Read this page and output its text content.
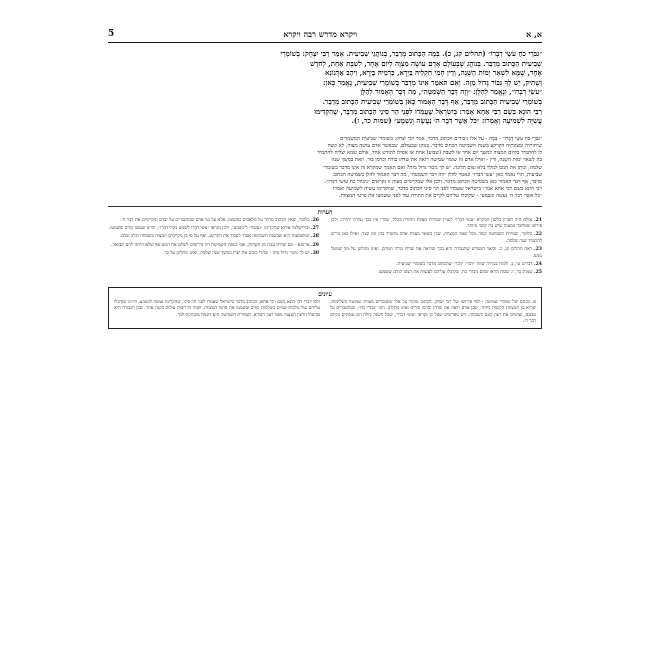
א, א
ויקרא מדרש רבה ויקרא
5
״גִּבֹּרֵי כֹחַ עֹשֵׂי דְבָרוֹ״ (תהלים קג, כ). בְּמָה הַכָּתוּב מְדַבֵּר, בְּנוֹהֲגֵי שְׁבִיעִית. אָמַר רַבִּי יִצְחָק: בְּשׁוֹמְרֵי
שְׁבִיעִית הַכָּתוּב מְדַבֵּר. בְּנוֹהֲג שֶׁבָּעוֹלָם אָדָם עוֹשֶׂה מִצְוָה לְיוֹם אֶחָד, לְשַׁבָּת אַחַת, לְחֹדֶשׁ
אֶחָד, שֶׁמָּא לִשְׁאָר יְמוֹת הַשָּׁנָה, וְדֵין חָמֵי חַקְלֵיהּ בַּיְרָא, כַּרְמֵיהּ בַּיְרָא, וִיהַב אַרְנוֹנָא
וְשָׁתִיק, יֵשׁ לְךָ גִּבּוֹר גָּדוֹל מִזֶּה. וְאִם תֹּאמַר אֵינוֹ מְדַבֵּר בְּשׁוֹמְרֵי שְׁבִיעִית, נֶאֱמַר כָּאן:
״עֹשֵׂי דְבָרוֹ״, וְנֶאֱמַר לְהַלָּן: ״וְזֶה דְּבַר הַשְּׁמִטָּה״, מַה דָּבָר הָאָמוּר לְהַלָּן
בְּשׁוֹמְרֵי שְׁבִיעִית הַכָּתוּב מְדַבֵּר, אַף דָּבָר הָאָמוּר כָּאן בְּשׁוֹמְרֵי שְׁבִיעִית הַכָּתוּב מְדַבֵּר.
רַבִּי הוּנָא בְּשֵׁם רַבִּי אַחָא אָמַר: בְּיִשְׂרָאֵל שֶׁעָמְדוּ לִפְנֵי הַר סִינַי הַכָּתוּב מְדַבֵּר, שֶׁהִקְדִּימוּ
עֲשִׂיָּה לִשְׁמִיעָה וְאָמְרוּ: ״כֹּל אֲשֶׁר דִּבֶּר ה׳ נַעֲשֶׂה וְנִשְׁמָע״ (שמות כד, ז).
״גִּבֹּרֵי כֹחַ עֹשֵׂי דְבָרוֹ״ - בְּמָה - על אלו גיבורים הכתוב מדבר, אמר רבי יצחק: בשומרי שביעית המשמרים
שיתותיה ומצוותיה הקרקע בשנת השמיטה הכתוב מדבר. בנוהג שבעולם, שכאשר אדם עושה מצוה, לא קשה
לו להתמיד בקיום המצוה למשך יום אחד או לשבת (שבוע) אחת או אפילו לחודש אחד, אולם שמא יצליח להתמיד
בה לשאר ימות השנה, ודין - ואילו אדם זה שומר שמיטה רואה את שדהו בורה וכרמו בור, וזאת במשך שנה
שלמה, ונותן את המס למלך בלא שום תלונה. יש לך גיבור גדול מזה? ואם תאמר שמקרא זה אינו מדבר בשומרי
שביעית, הרי נאמר כאן ״עשי דברו״ ונאמר להלן ״וזה דבר השמטה״, מה דבר האמור להלן בשמיטה הכתוב
מדבר, אף דבר האמור כאן בשמיטה הכתוב מדבר. ולכן אלו שמקיימים מצוה זו נקראים ״גיבורי כח עושי דברו״.
רבי הונא בשם רבי אחא אמר: בישראל שעמדו לפני הר סיני הכתוב מדבר, שהקדימו עשיה לשמיעה ואמרו
״כל אשר דבר ה׳ נעשה ונשמע״ - שקיבלו עליהם לקיים את התורה עוד לפני ששמעו את פרטי המצוות.
הערות
21. אולם היה חסרון בלשון המקרא ״עשי דברו״ לעניין שמירת מצוות התורה בכלל, שהרי אין בכך גבורה יתירה, ולכן פירשו שמדובר במצוה שיש בה קושי מיוחד.
22. כלומר, שמירת השמיטה קשה מכל שאר המצוות, שכן בשאר מצוות אדם מתמיד בהן זמן קצר, ואילו כאן נדרש להתמיד שנה שלמה.
23. ראה תהלים קג, כ. וביאר המפרש שהגבורה היא בכך שרואה את שדהו בורה ושותק, ואינו מתלונן על מה שנוטל ממנו.
24. דברים טו, ב. ולמדו בגזירה שווה ״דבר״ ״דבר״ שהכתוב מדבר בשומרי שביעית.
25. שמות כד, ז. שבזה הראו שהם גיבורי כח, שקיבלו עליהם לעשות את רצונו קודם ששמעו.
26. כלומר, שאין הכתוב מדבר על מלאכים כפשוטו, אלא על בני אדם שמתגברים על יצרם ומקיימים את דבר ה׳.
27. ובירושלמי איתא שהקדימו ״נעשה״ ל״נשמע״, ולכן נקראו ״עשי דברו לשמע בקול דברו״, והיינו שעשו קודם ששמעו.
28. המשמעות היא שבשנת השמיטה אסור לעבוד את הקרקע, ואף על פי כן מקיימים המצוה בשמחה ובלב שלם.
29. ארנונא - מס שהיה נגבה מן השדות, ואף בשנת השמיטה היו נדרשים לשלם את המס אף שלא היתה להם תבואה.
30. יש לך גיבור גדול מזה - שהרי כובש את יצרו במשך שנה שלמה, ואינו מתלונן על כך.
עיונים
א. בכחם של שומרי שמיטה - לפי פירושו של רבי יצחק, הכתוב מדבר על אלו ששומרים מצוות שמיטה בשלימות, שהיא מן המצוות הקשות ביותר, שכן אדם רואה את שדהו וכרמו בורים ואינו מתלונן. וזהו ״גבורי כח״, שמתגברים על טבעם, ועושים את רצון קונם בשמחה. ויש מפרשים שעל כן נקראו ״עשי דברו״, שכל השנה כולה הם עוסקים בקיום דבר ה׳.
ולפי דברי רבי הונא בשם רבי אחא, הכתוב מדבר בישראל שעמדו לפני הר סיני, שהקדימו נעשה לנשמע, והיינו שקיבלו עליהם עול מלכות שמים בשלמות קודם ששמעו את פרטי המצוות. ושתי הדרשות עולות בקנה אחד, שכן הגבורה היא בביטול הרצון העצמי מפני רצון הבורא, ושמירת השמיטה היא דוגמה מובהקת לכך.
